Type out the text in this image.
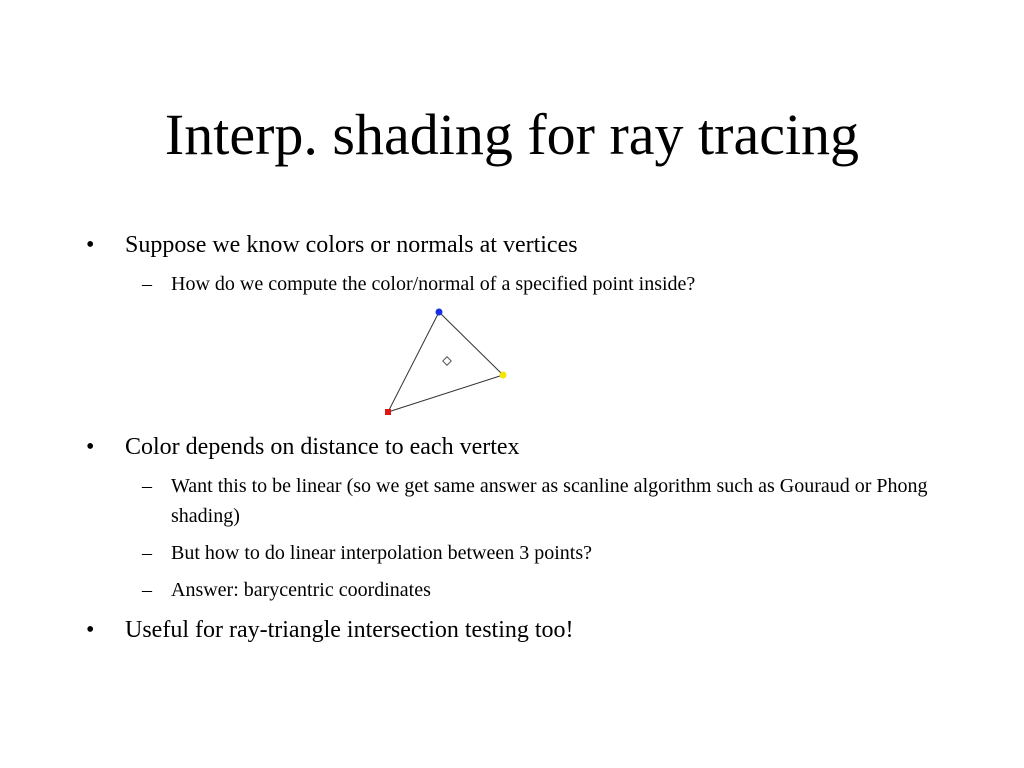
Interp. shading for ray tracing
• Suppose we know colors or normals at vertices
– How do we compute the color/normal of a specified point inside?
• Color depends on distance to each vertex
– Want this to be linear (so we get same answer as scanline algorithm such as Gouraud or Phong shading)
– But how to do linear interpolation between 3 points?
– Answer: barycentric coordinates
• Useful for ray-triangle intersection testing too!
